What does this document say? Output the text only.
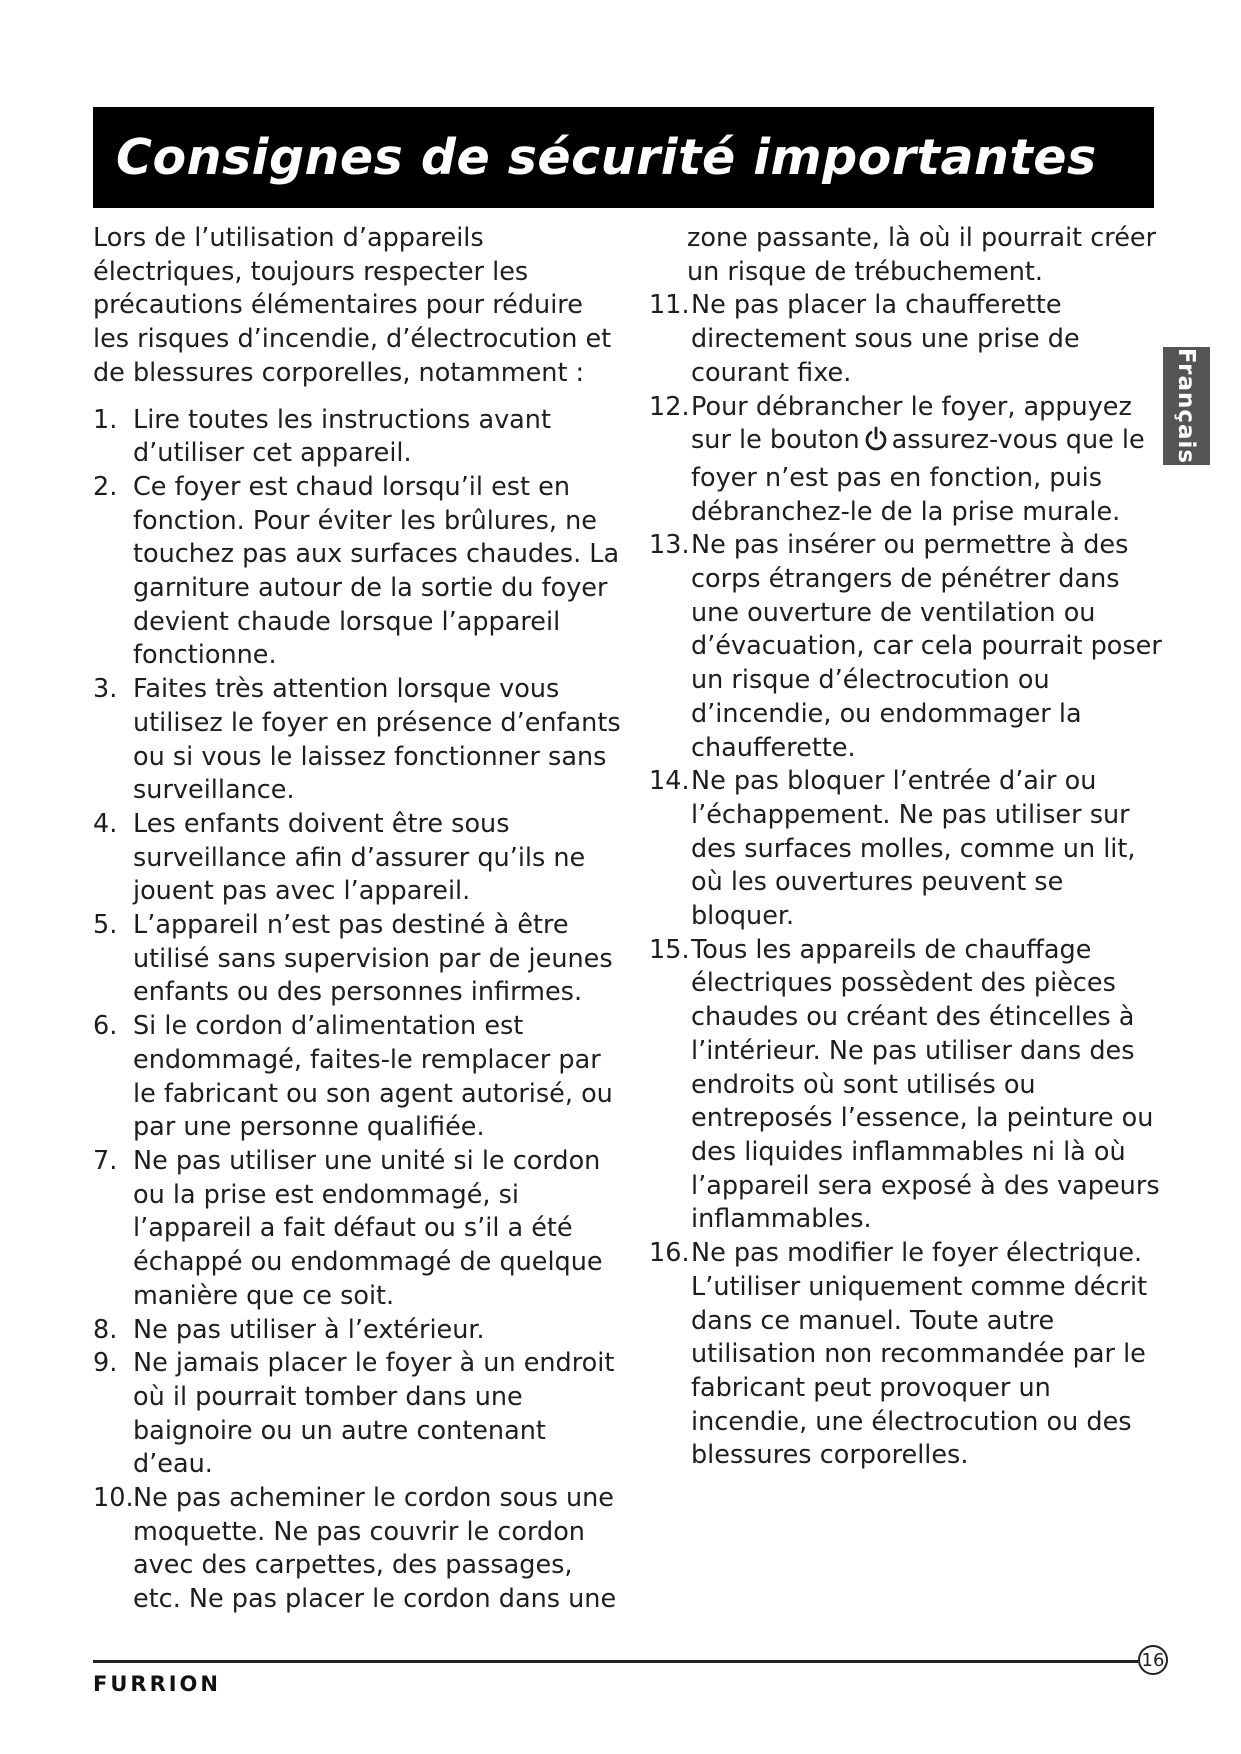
Consignes de sécurité importantes

Lors de l’utilisation d’appareils électriques, toujours respecter les précautions élémentaires pour réduire les risques d’incendie, d’électrocution et de blessures corporelles, notamment :

1. Lire toutes les instructions avant d’utiliser cet appareil.
2. Ce foyer est chaud lorsqu’il est en fonction. Pour éviter les brûlures, ne touchez pas aux surfaces chaudes. La garniture autour de la sortie du foyer devient chaude lorsque l’appareil fonctionne.
3. Faites très attention lorsque vous utilisez le foyer en présence d’enfants ou si vous le laissez fonctionner sans surveillance.
4. Les enfants doivent être sous surveillance afin d’assurer qu’ils ne jouent pas avec l’appareil.
5. L’appareil n’est pas destiné à être utilisé sans supervision par de jeunes enfants ou des personnes infirmes.
6. Si le cordon d’alimentation est endommagé, faites-le remplacer par le fabricant ou son agent autorisé, ou par une personne qualifiée.
7. Ne pas utiliser une unité si le cordon ou la prise est endommagé, si l’appareil a fait défaut ou s’il a été échappé ou endommagé de quelque manière que ce soit.
8. Ne pas utiliser à l’extérieur.
9. Ne jamais placer le foyer à un endroit où il pourrait tomber dans une baignoire ou un autre contenant d’eau.
10. Ne pas acheminer le cordon sous une moquette. Ne pas couvrir le cordon avec des carpettes, des passages, etc. Ne pas placer le cordon dans une

zone passante, là où il pourrait créer un risque de trébuchement.

11. Ne pas placer la chaufferette directement sous une prise de courant fixe.
12. Pour débrancher le foyer, appuyez sur le bouton assurez-vous que le foyer n’est pas en fonction, puis débranchez-le de la prise murale.
13. Ne pas insérer ou permettre à des corps étrangers de pénétrer dans une ouverture de ventilation ou d’évacuation, car cela pourrait poser un risque d’électrocution ou d’incendie, ou endommager la chaufferette.
14. Ne pas bloquer l’entrée d’air ou l’échappement. Ne pas utiliser sur des surfaces molles, comme un lit, où les ouvertures peuvent se bloquer.
15. Tous les appareils de chauffage électriques possèdent des pièces chaudes ou créant des étincelles à l’intérieur. Ne pas utiliser dans des endroits où sont utilisés ou entreposés l’essence, la peinture ou des liquides inflammables ni là où l’appareil sera exposé à des vapeurs inflammables.
16. Ne pas modifier le foyer électrique. L’utiliser uniquement comme décrit dans ce manuel. Toute autre utilisation non recommandée par le fabricant peut provoquer un incendie, une électrocution ou des blessures corporelles.
Français
16
FURRION
